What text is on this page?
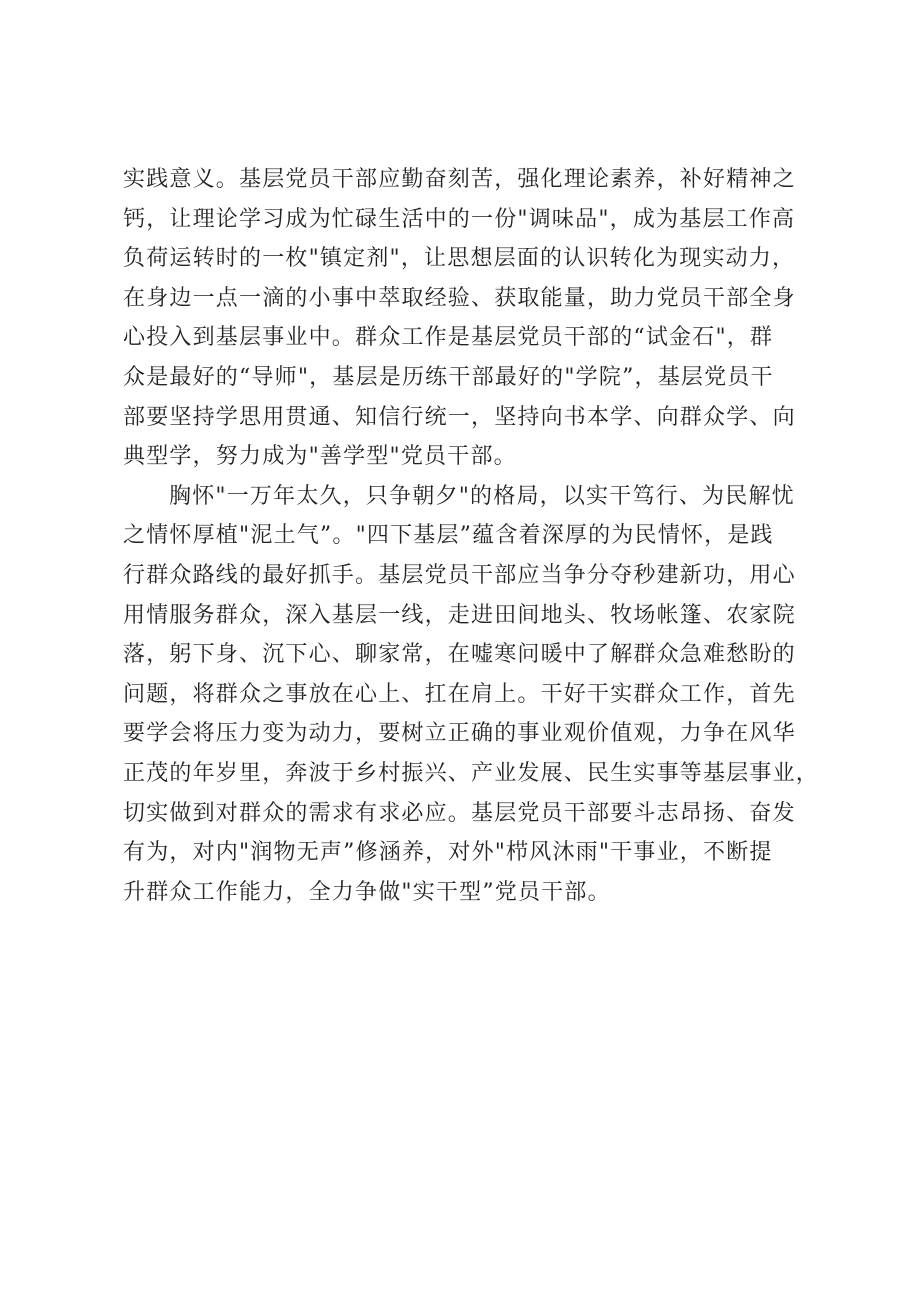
实践意义。基层党员干部应勤奋刻苦，强化理论素养，补好精神之
钙，让理论学习成为忙碌生活中的一份"调味品"，成为基层工作高
负荷运转时的一枚"镇定剂"，让思想层面的认识转化为现实动力，
在身边一点一滴的小事中萃取经验、获取能量，助力党员干部全身
心投入到基层事业中。群众工作是基层党员干部的“试金石"，群
众是最好的“导师"，基层是历练干部最好的"学院”，基层党员干
部要坚持学思用贯通、知信行统一，坚持向书本学、向群众学、向
典型学，努力成为"善学型"党员干部。
胸怀"一万年太久，只争朝夕"的格局，以实干笃行、为民解忧
之情怀厚植"泥土气”。"四下基层”蕴含着深厚的为民情怀，是践
行群众路线的最好抓手。基层党员干部应当争分夺秒建新功，用心
用情服务群众，深入基层一线，走进田间地头、牧场帐篷、农家院
落，躬下身、沉下心、聊家常，在嘘寒问暖中了解群众急难愁盼的
问题，将群众之事放在心上、扛在肩上。干好干实群众工作，首先
要学会将压力变为动力，要树立正确的事业观价值观，力争在风华
正茂的年岁里，奔波于乡村振兴、产业发展、民生实事等基层事业，
切实做到对群众的需求有求必应。基层党员干部要斗志昂扬、奋发
有为，对内"润物无声”修涵养，对外"栉风沐雨"干事业，不断提
升群众工作能力，全力争做"实干型”党员干部。
